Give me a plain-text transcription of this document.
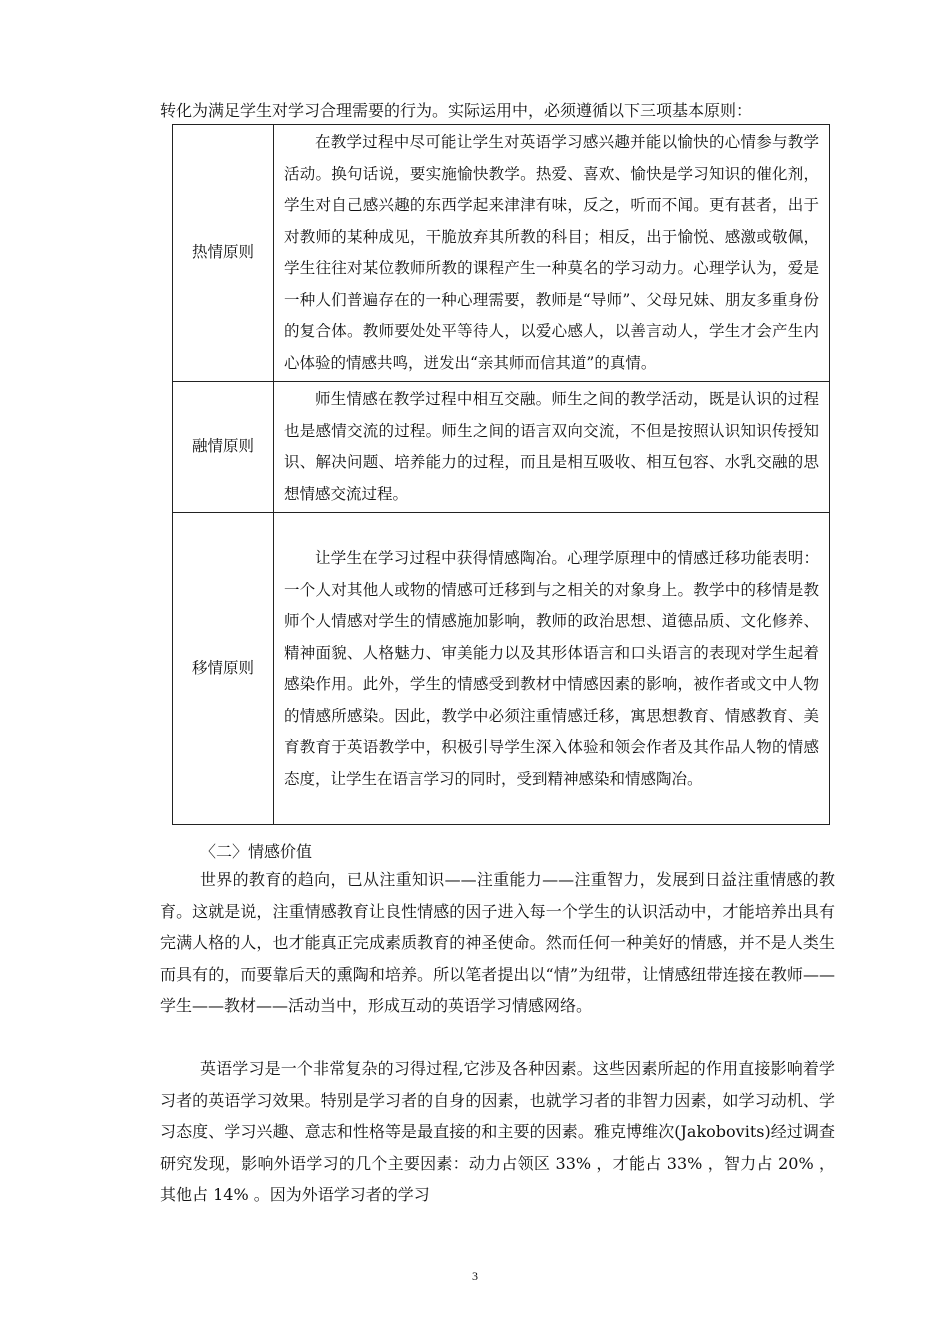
转化为满足学生对学习合理需要的行为。实际运用中，必须遵循以下三项基本原则：
热情原则	在教学过程中尽可能让学生对英语学习感兴趣并能以愉快的心情参与教学活动。换句话说，要实施愉快教学。热爱、喜欢、愉快是学习知识的催化剂，学生对自己感兴趣的东西学起来津津有味，反之，听而不闻。更有甚者，出于对教师的某种成见，干脆放弃其所教的科目；相反，出于愉悦、感激或敬佩，学生往往对某位教师所教的课程产生一种莫名的学习动力。心理学认为，爱是一种人们普遍存在的一种心理需要，教师是“导师”、父母兄妹、朋友多重身份的复合体。教师要处处平等待人，以爱心感人，以善言动人，学生才会产生内心体验的情感共鸣，迸发出“亲其师而信其道”的真情。

融情原则	师生情感在教学过程中相互交融。师生之间的教学活动，既是认识的过程也是感情交流的过程。师生之间的语言双向交流，不但是按照认识知识传授知识、解决问题、培养能力的过程，而且是相互吸收、相互包容、水乳交融的思想情感交流过程。

移情原则	让学生在学习过程中获得情感陶冶。心理学原理中的情感迁移功能表明：一个人对其他人或物的情感可迁移到与之相关的对象身上。教学中的移情是教师个人情感对学生的情感施加影响，教师的政治思想、道德品质、文化修养、精神面貌、人格魅力、审美能力以及其形体语言和口头语言的表现对学生起着感染作用。此外，学生的情感受到教材中情感因素的影响，被作者或文中人物的情感所感染。因此，教学中必须注重情感迁移，寓思想教育、情感教育、美育教育于英语教学中，积极引导学生深入体验和领会作者及其作品人物的情感态度，让学生在语言学习的同时，受到精神感染和情感陶冶。
〈二〉情感价值
世界的教育的趋向，已从注重知识——注重能力——注重智力，发展到日益注重情感的教育。这就是说，注重情感教育让良性情感的因子进入每一个学生的认识活动中，才能培养出具有完满人格的人，也才能真正完成素质教育的神圣使命。然而任何一种美好的情感，并不是人类生而具有的，而要靠后天的熏陶和培养。所以笔者提出以“情”为纽带，让情感纽带连接在教师——学生——教材——活动当中，形成互动的英语学习情感网络。
英语学习是一个非常复杂的习得过程,它涉及各种因素。这些因素所起的作用直接影响着学习者的英语学习效果。特别是学习者的自身的因素，也就学习者的非智力因素，如学习动机、学习态度、学习兴趣、意志和性格等是最直接的和主要的因素。雅克博维次(Jakobovits)经过调查研究发现，影响外语学习的几个主要因素：动力占领区 33% ，才能占 33% ，智力占 20% ，其他占 14% 。因为外语学习者的学习
3
